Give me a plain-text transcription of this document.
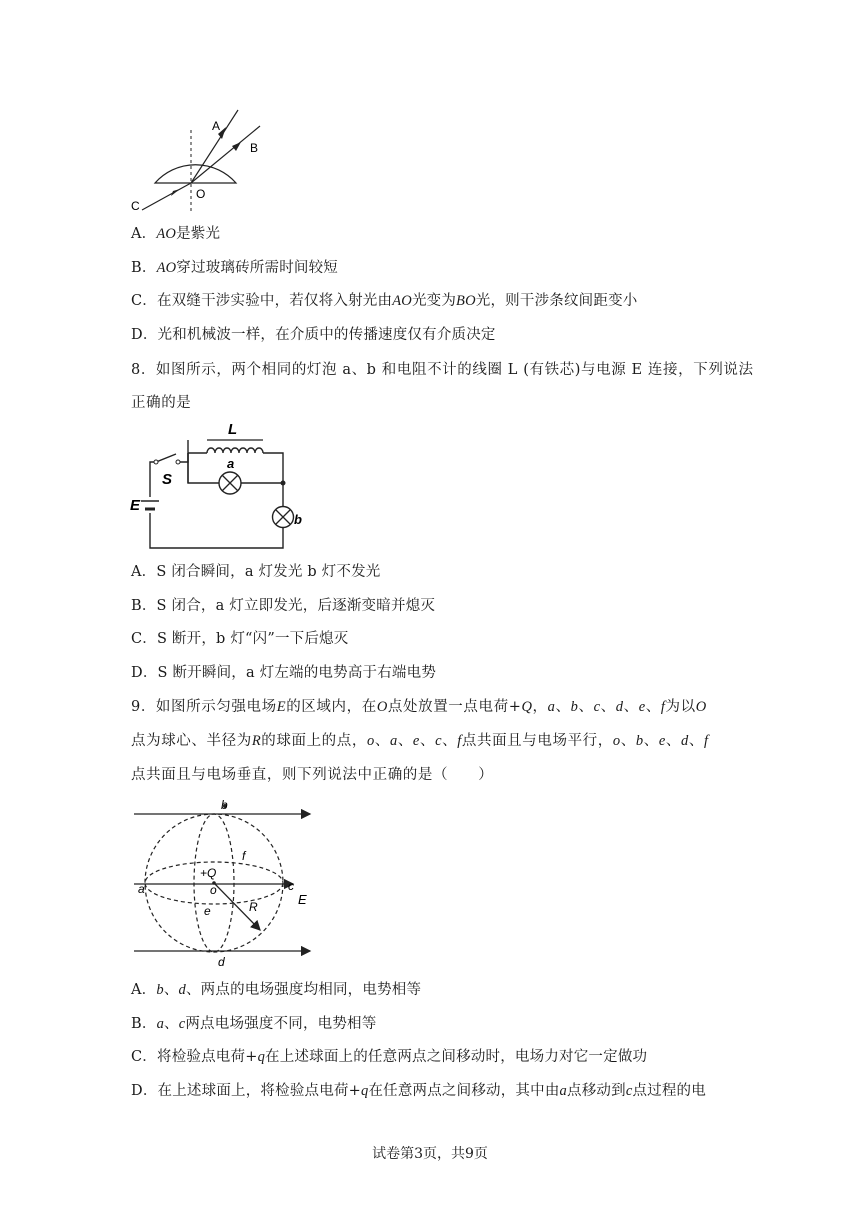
A
B
C
O
A．AO是紫光
B．AO穿过玻璃砖所需时间较短
C．在双缝干涉实验中，若仅将入射光由AO光变为BO光，则干涉条纹间距变小
D．光和机械波一样，在介质中的传播速度仅有介质决定
8．如图所示，两个相同的灯泡 a、b 和电阻不计的线圈 L (有铁芯)与电源 E 连接，下列说法
正确的是
L
a
S
E
b
A．S 闭合瞬间，a 灯发光 b 灯不发光
B．S 闭合，a 灯立即发光，后逐渐变暗并熄灭
C．S 断开，b 灯“闪”一下后熄灭
D．S 断开瞬间，a 灯左端的电势高于右端电势
9．如图所示匀强电场E的区域内，在O点处放置一点电荷+Q，a、b、c、d、e、f为以O
点为球心、半径为R的球面上的点，o、a、e、c、f点共面且与电场平行，o、b、e、d、f
点共面且与电场垂直，则下列说法中正确的是（　　）
b
f
+Q
a	o	c
E
e	R
d
A．b、d、两点的电场强度均相同，电势相等
B．a、c两点电场强度不同，电势相等
C．将检验点电荷+q在上述球面上的任意两点之间移动时，电场力对它一定做功
D．在上述球面上，将检验点电荷+q在任意两点之间移动，其中由a点移动到c点过程的电
试卷第3页，共9页
